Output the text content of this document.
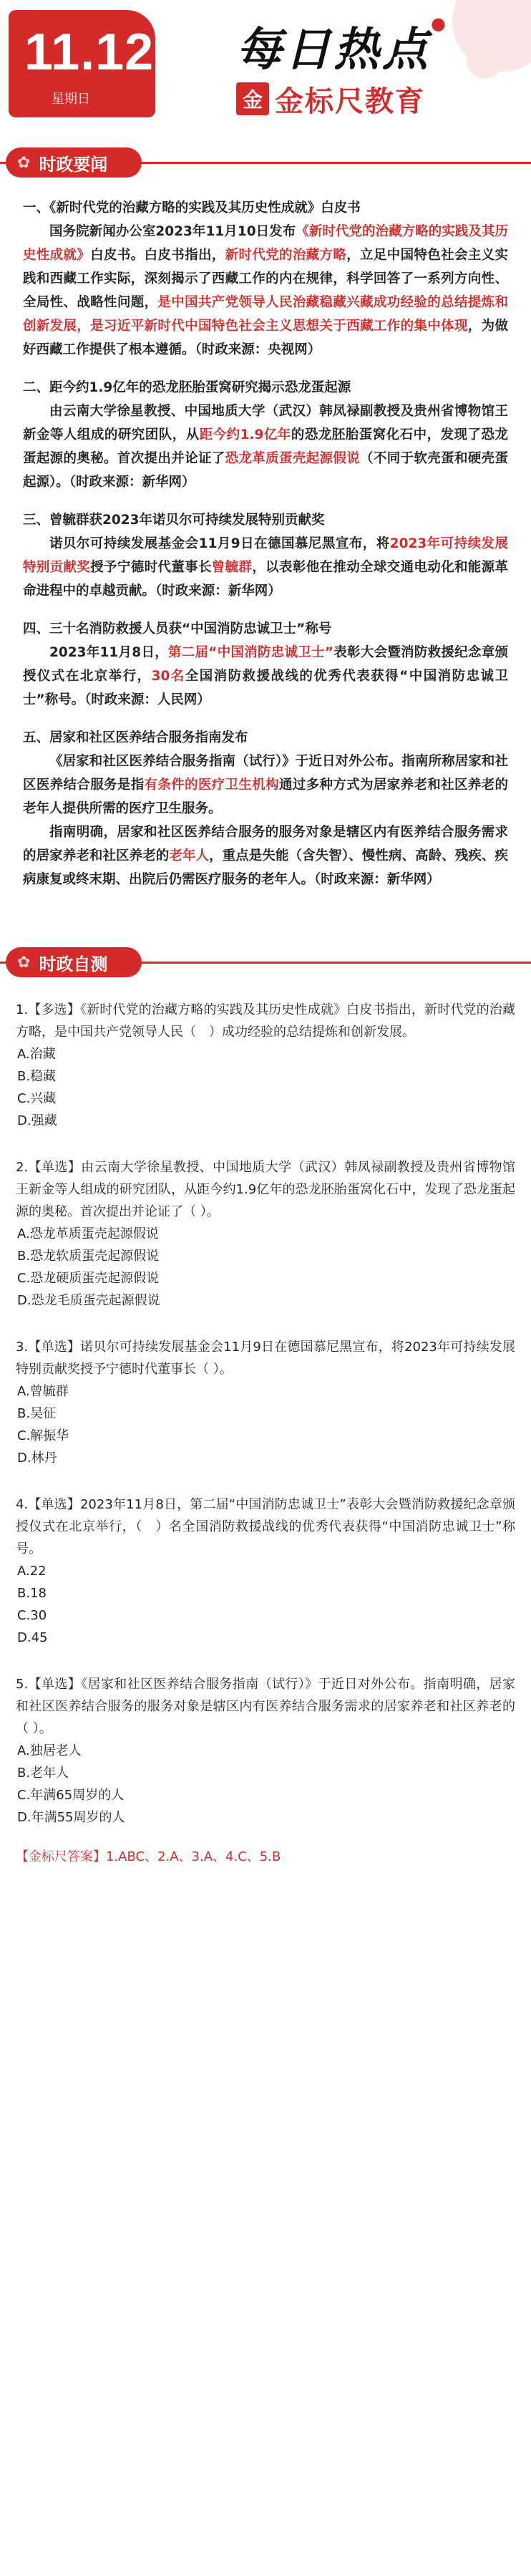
11.12
星期日
每日热点●
金 金标尺教育
✿ 时政要闻
一、《新时代党的治藏方略的实践及其历史性成就》白皮书

国务院新闻办公室2023年11月10日发布《新时代党的治藏方略的实践及其历史性成就》白皮书。白皮书指出，新时代党的治藏方略，立足中国特色社会主义实践和西藏工作实际，深刻揭示了西藏工作的内在规律，科学回答了一系列方向性、全局性、战略性问题，是中国共产党领导人民治藏稳藏兴藏成功经验的总结提炼和创新发展，是习近平新时代中国特色社会主义思想关于西藏工作的集中体现，为做好西藏工作提供了根本遵循。（时政来源：央视网）

二、距今约1.9亿年的恐龙胚胎蛋窝研究揭示恐龙蛋起源

由云南大学徐星教授、中国地质大学（武汉）韩凤禄副教授及贵州省博物馆王新金等人组成的研究团队，从距今约1.9亿年的恐龙胚胎蛋窝化石中，发现了恐龙蛋起源的奥秘。首次提出并论证了恐龙革质蛋壳起源假说（不同于软壳蛋和硬壳蛋起源）。（时政来源：新华网）

三、曾毓群获2023年诺贝尔可持续发展特别贡献奖

诺贝尔可持续发展基金会11月9日在德国慕尼黑宣布，将2023年可持续发展特别贡献奖授予宁德时代董事长曾毓群，以表彰他在推动全球交通电动化和能源革命进程中的卓越贡献。（时政来源：新华网）

四、三十名消防救援人员获“中国消防忠诚卫士”称号

2023年11月8日，第二届“中国消防忠诚卫士”表彰大会暨消防救援纪念章颁授仪式在北京举行，30名全国消防救援战线的优秀代表获得“中国消防忠诚卫士”称号。（时政来源：人民网）

五、居家和社区医养结合服务指南发布

《居家和社区医养结合服务指南（试行）》于近日对外公布。指南所称居家和社区医养结合服务是指有条件的医疗卫生机构通过多种方式为居家养老和社区养老的老年人提供所需的医疗卫生服务。

指南明确，居家和社区医养结合服务的服务对象是辖区内有医养结合服务需求的居家养老和社区养老的老年人，重点是失能（含失智）、慢性病、高龄、残疾、疾病康复或终末期、出院后仍需医疗服务的老年人。（时政来源：新华网）

✿ 时政自测
1.【多选】《新时代党的治藏方略的实践及其历史性成就》白皮书指出，新时代党的治藏方略，是中国共产党领导人民（　）成功经验的总结提炼和创新发展。
A.治藏
B.稳藏
C.兴藏
D.强藏
2.【单选】由云南大学徐星教授、中国地质大学（武汉）韩凤禄副教授及贵州省博物馆王新金等人组成的研究团队，从距今约1.9亿年的恐龙胚胎蛋窝化石中，发现了恐龙蛋起源的奥秘。首次提出并论证了（ ）。
A.恐龙革质蛋壳起源假说
B.恐龙软质蛋壳起源假说
C.恐龙硬质蛋壳起源假说
D.恐龙毛质蛋壳起源假说
3.【单选】诺贝尔可持续发展基金会11月9日在德国慕尼黑宣布，将2023年可持续发展特别贡献奖授予宁德时代董事长（ ）。
A.曾毓群
B.吴征
C.解振华
D.林丹
4.【单选】2023年11月8日，第二届“中国消防忠诚卫士”表彰大会暨消防救援纪念章颁授仪式在北京举行，（　）名全国消防救援战线的优秀代表获得“中国消防忠诚卫士”称号。
A.22
B.18
C.30
D.45
5.【单选】《居家和社区医养结合服务指南（试行）》于近日对外公布。指南明确，居家和社区医养结合服务的服务对象是辖区内有医养结合服务需求的居家养老和社区养老的（ ）。
A.独居老人
B.老年人
C.年满65周岁的人
D.年满55周岁的人
【金标尺答案】1.ABC、2.A、3.A、4.C、5.B
